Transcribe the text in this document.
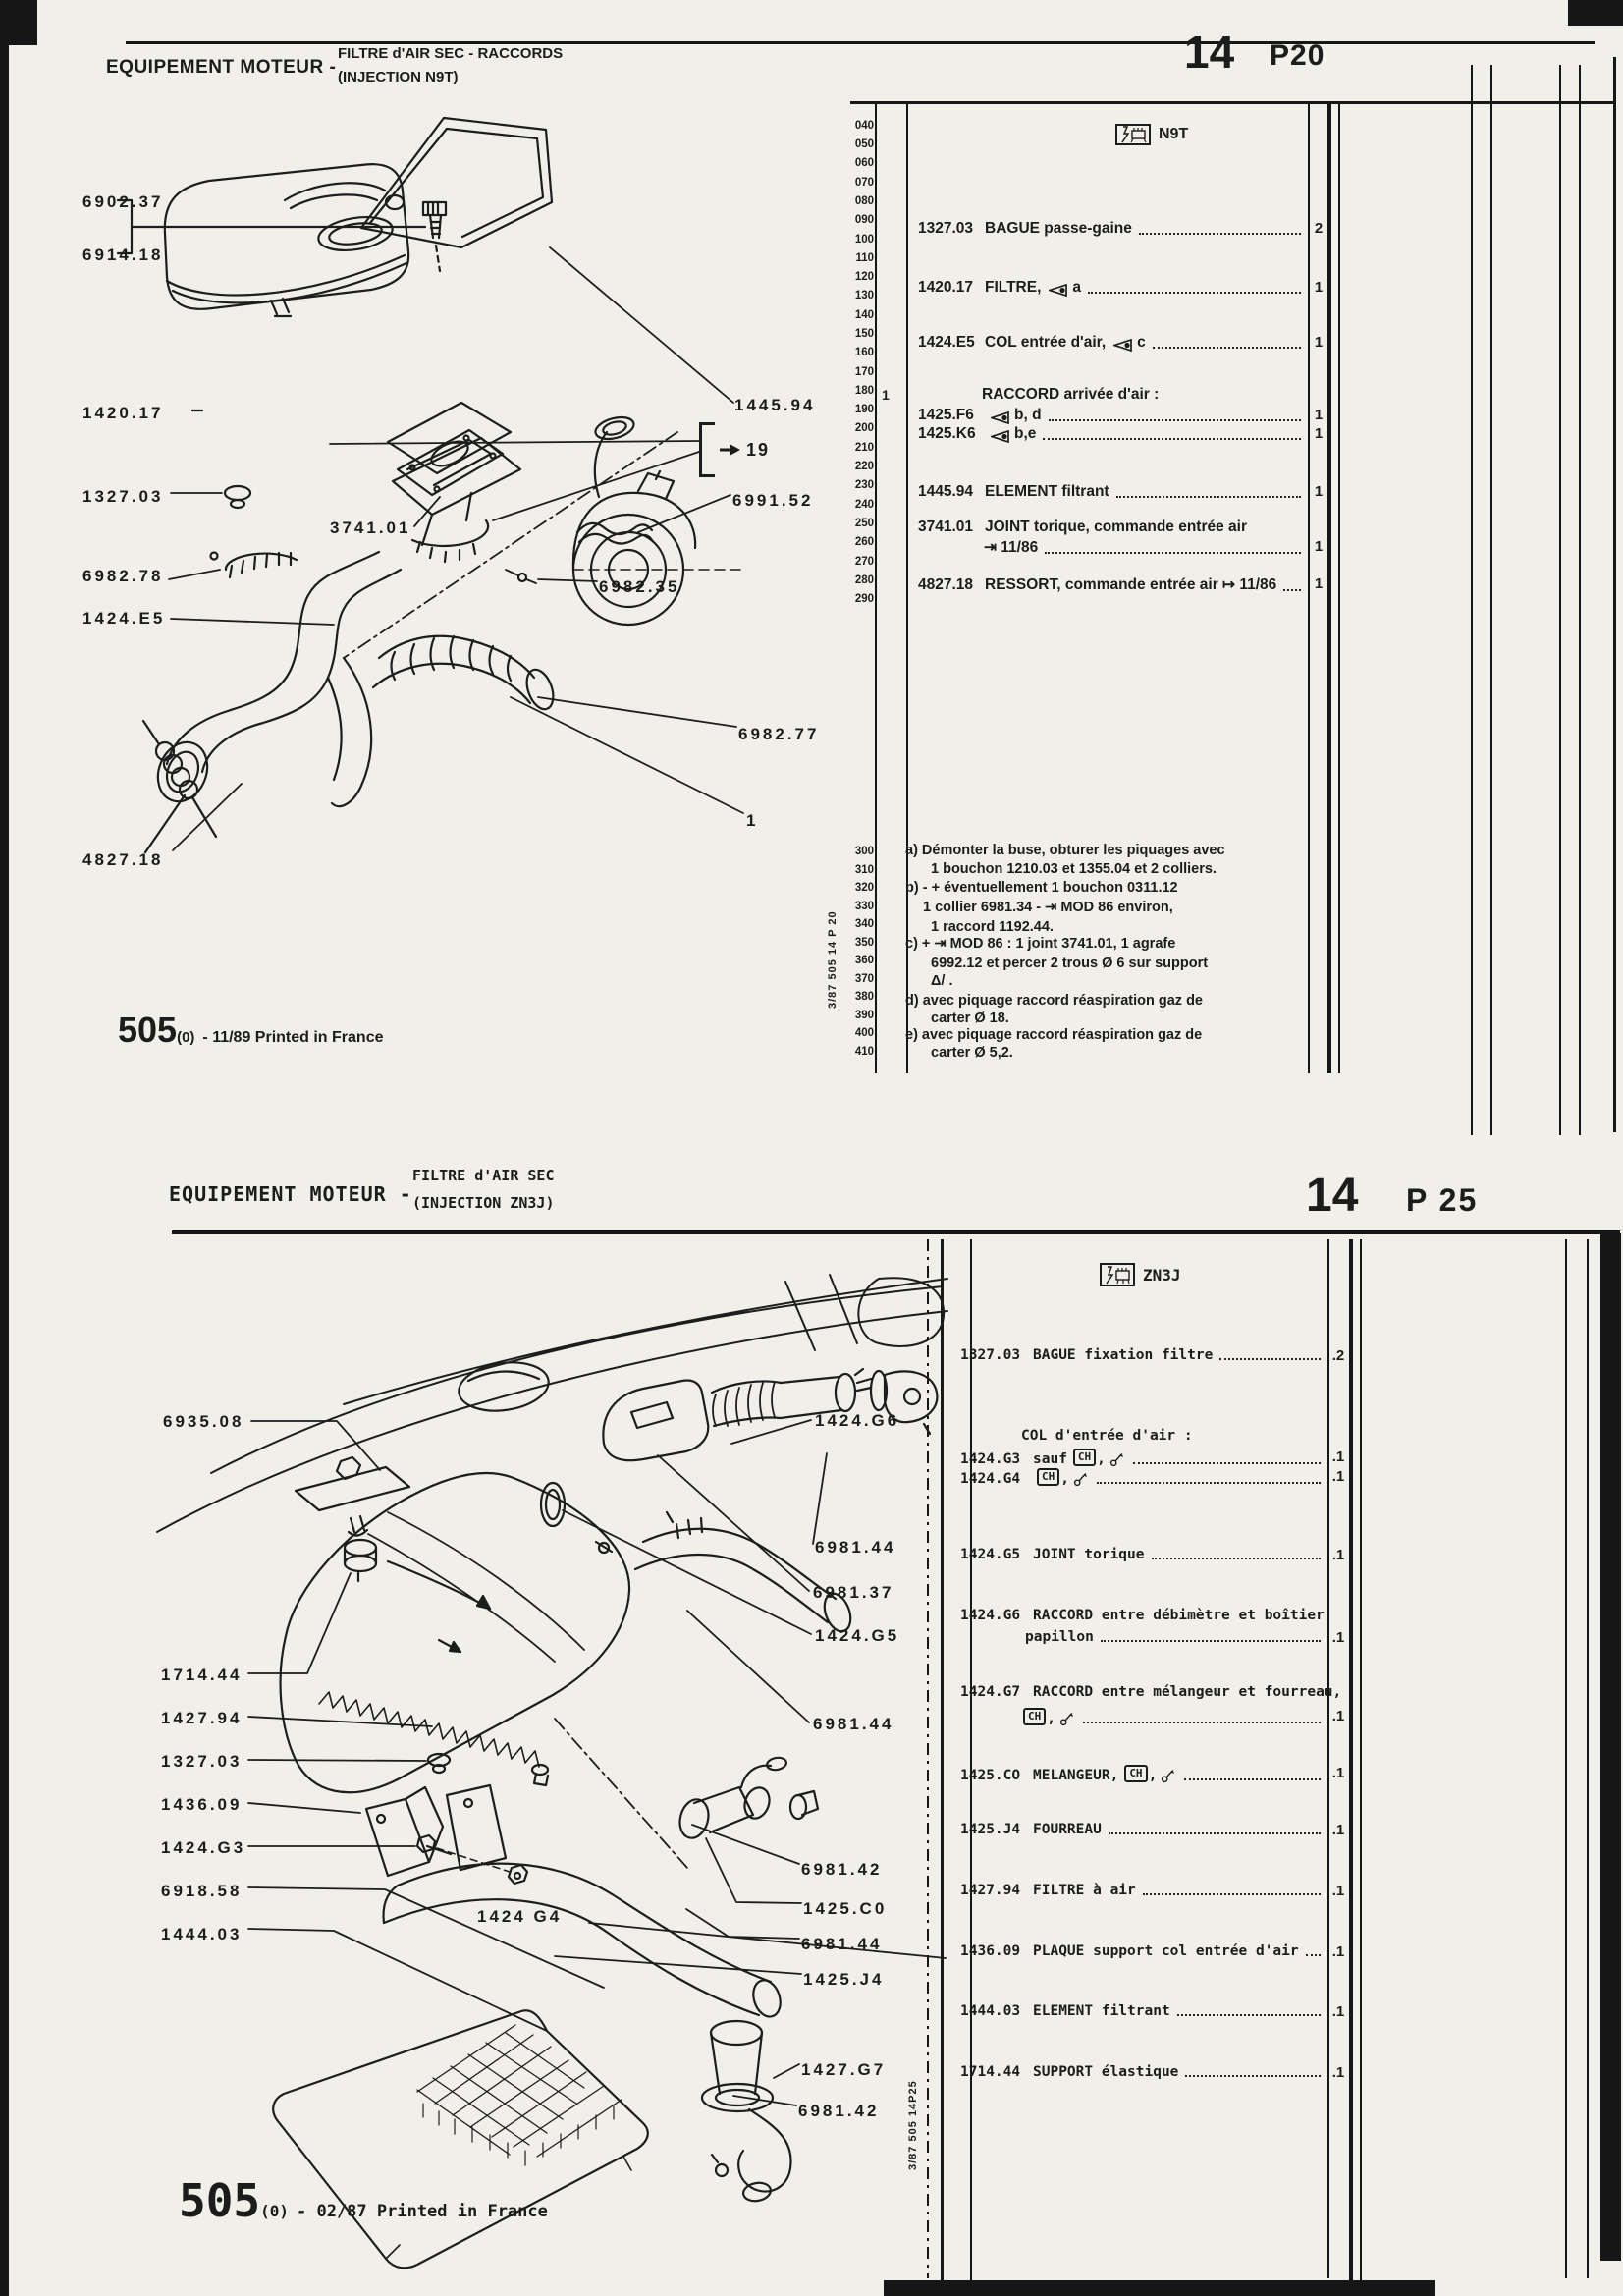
EQUIPEMENT MOTEUR -
FILTRE d'AIR SEC - RACCORDS
(INJECTION N9T)	14 P20
N9T
040
050
060
070
080
090
100
110
120
130
140
150
160
170
180
190
200
210
220
230
240
250
260
270
280
290
300
310
320
330
340
350
360
370
380
390
400
410
3/87 505 14 P 20
1327.03 BAGUE passe-gaine	2
1420.17 FILTRE, a	1
1424.E5 COL entrée d'air, c	1
1	RACCORD arrivée d'air :
1425.F6	b, d	1
1425.K6	b,e	1
1445.94 ELEMENT filtrant	1
3741.01 JOINT torique, commande entrée air
⇥ 11/86	1
4827.18 RESSORT, commande entrée air ↦ 11/86	1
a) Démonter la buse, obturer les piquages avec
1 bouchon 1210.03 et 1355.04 et 2 colliers.
b) - + éventuellement 1 bouchon 0311.12
1 collier 6981.34 - ⇥ MOD 86 environ,
1 raccord 1192.44.
c) + ⇥ MOD 86 : 1 joint 3741.01, 1 agrafe
6992.12 et percer 2 trous Ø 6 sur support
Δ/ .
d) avec piquage raccord réaspiration gaz de
carter Ø 18.
e) avec piquage raccord réaspiration gaz de
carter Ø 5,2.
505 (0) - 11/89 Printed in France
6902.37
6914.18
1420.17
1327.03
3741.01
6982.78
1424.E5
4827.18
1445.94
6991.52
6982.35
6982.77
1
19
EQUIPEMENT MOTEUR -
FILTRE d'AIR SEC
(INJECTION ZN3J)	14 P 25
ZN3J
3/87 505 14P25
1327.03 BAGUE fixation filtre	.2
COL d'entrée d'air :
1424.G3 sauf	CH ,	.1
1424.G4	CH ,	.1
1424.G5 JOINT torique	.1
1424.G6 RACCORD entre débimètre et boîtier
papillon	.1
1424.G7 RACCORD entre mélangeur et fourreau,
CH ,	.1
1425.CO MELANGEUR,	CH ,	.1
1425.J4 FOURREAU	.1
1427.94 FILTRE à air	.1
1436.09 PLAQUE support col entrée d'air	.1
1444.03 ELEMENT filtrant	.1
1714.44 SUPPORT élastique	.1
505 (0) - 02/87 Printed in France
6935.08	1424.G6
6981.44
6981.37
1424.G5
1714.44
1427.94	6981.44
1327.03
1436.09
1424.G3
6981.42
6918.58
1425.C0
1444.03
6981.44
1425.J4
1424 G4
1427.G7
6981.42
